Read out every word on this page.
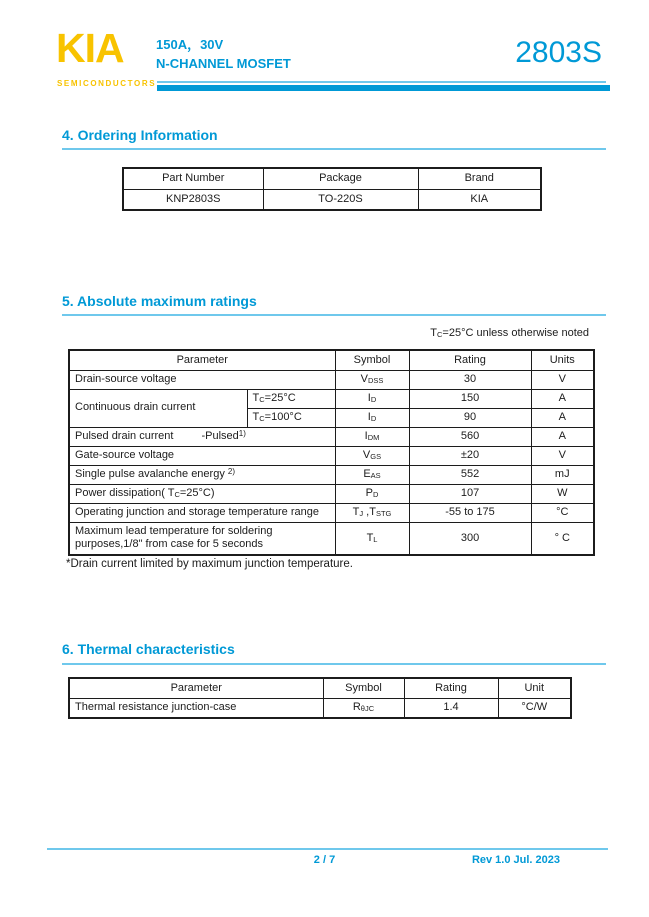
KIA
SEMICONDUCTORS
150A，30V
N-CHANNEL MOSFET	2803S
4. Ordering Information
Part Number	Package	Brand
KNP2803S	TO-220S	KIA
5. Absolute maximum ratings
TC=25°C unless otherwise noted
Parameter		Symbol	Rating	Units
Drain-source voltage		VDSS	30	V
Continuous drain current	TC=25°C	ID	150	A
	TC=100°C	ID	90	A
Pulsed drain current -Pulsed$^{1)}$		IDM	560	A
Gate-source voltage		VGS	±20	V
Single pulse avalanche energy $^{2)}$		EAS	552	mJ
Power dissipation( TC=25°C)		PD	107	W
Operating junction and storage temperature range		TJ ,TSTG	-55 to 175	°C

Maximum lead temperature for soldering
purposes,1/8" from case for 5 seconds		TL	300	° C
*Drain current limited by maximum junction temperature.
6. Thermal characteristics
Parameter	Symbol	Rating	Unit
Thermal resistance junction-case	RθJC	1.4	°C/W
2 / 7	Rev 1.0 Jul. 2023
